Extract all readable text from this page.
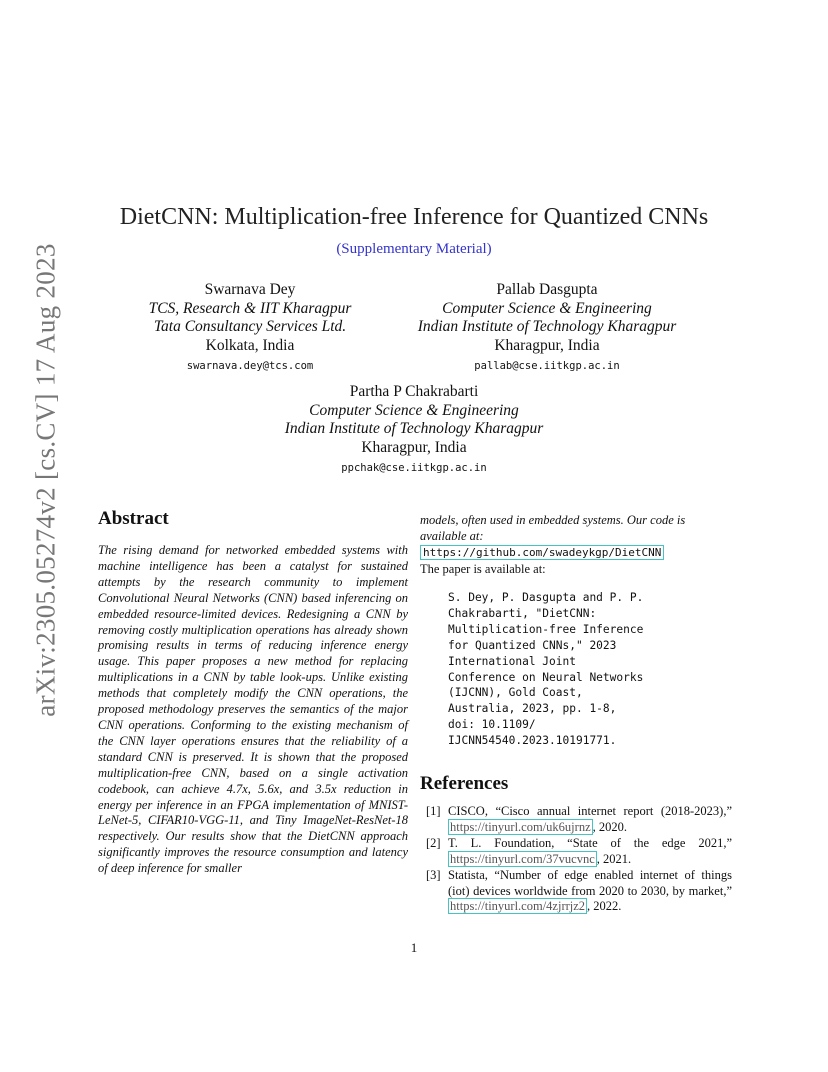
arXiv:2305.05274v2 [cs.CV] 17 Aug 2023
DietCNN: Multiplication-free Inference for Quantized CNNs
(Supplementary Material)
Swarnava Dey
TCS, Research & IIT Kharagpur
Tata Consultancy Services Ltd.
Kolkata, India
swarnava.dey@tcs.com
Pallab Dasgupta
Computer Science & Engineering
Indian Institute of Technology Kharagpur
Kharagpur, India
pallab@cse.iitkgp.ac.in
Partha P Chakrabarti
Computer Science & Engineering
Indian Institute of Technology Kharagpur
Kharagpur, India
ppchak@cse.iitkgp.ac.in
Abstract
The rising demand for networked embedded systems with machine intelligence has been a catalyst for sustained attempts by the research community to implement Convolutional Neural Networks (CNN) based inferencing on embedded resource-limited devices. Redesigning a CNN by removing costly multiplication operations has already shown promising results in terms of reducing inference energy usage. This paper proposes a new method for replacing multiplications in a CNN by table look-ups. Unlike existing methods that completely modify the CNN operations, the proposed methodology preserves the semantics of the major CNN operations. Conforming to the existing mechanism of the CNN layer operations ensures that the reliability of a standard CNN is preserved. It is shown that the proposed multiplication-free CNN, based on a single activation codebook, can achieve 4.7x, 5.6x, and 3.5x reduction in energy per inference in an FPGA implementation of MNIST-LeNet-5, CIFAR10-VGG-11, and Tiny ImageNet-ResNet-18 respectively. Our results show that the DietCNN approach significantly improves the resource consumption and latency of deep inference for smaller
models, often used in embedded systems. Our code is available at: https://github.com/swadeykgp/DietCNN
The paper is available at:
S. Dey, P. Dasgupta and P. P.
Chakrabarti, "DietCNN:
Multiplication-free Inference
for Quantized CNNs," 2023
International Joint
Conference on Neural Networks
(IJCNN), Gold Coast,
Australia, 2023, pp. 1-8,
doi: 10.1109/
IJCNN54540.2023.10191771.
References
[1] CISCO, “Cisco annual internet report (2018-2023),” https://tinyurl.com/uk6ujrnz , 2020.
[2] T. L. Foundation, “State of the edge 2021,” https://tinyurl.com/37vucvnc , 2021.
[3] Statista, “Number of edge enabled internet of things (iot) devices worldwide from 2020 to 2030, by market,” https://tinyurl.com/4zjrrjz2 , 2022.
1
